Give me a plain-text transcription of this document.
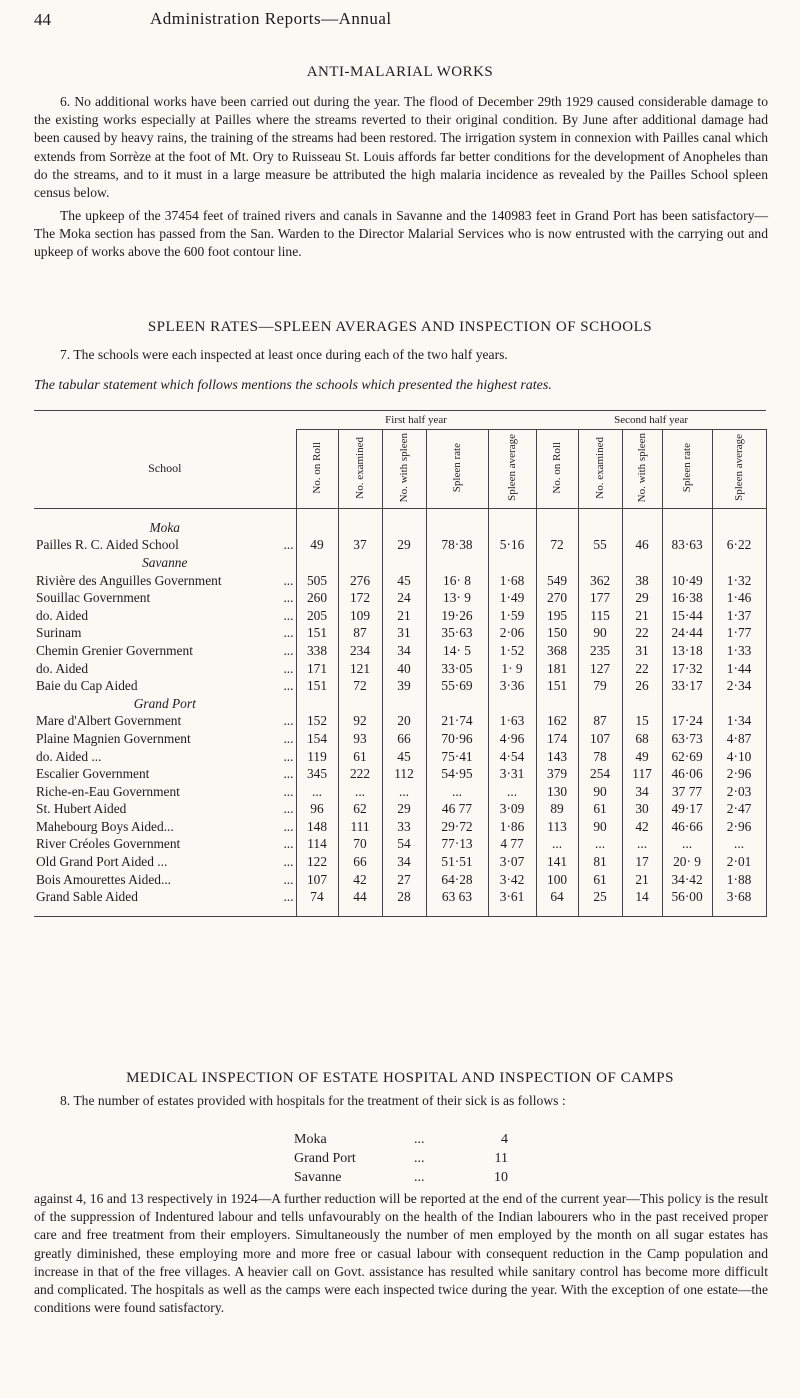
44	Administration Reports—Annual
ANTI-MALARIAL WORKS

6. No additional works have been carried out during the year. The flood of December 29th 1929 caused considerable damage to the existing works especially at Pailles where the streams reverted to their original condition. By June after additional damage had been caused by heavy rains, the training of the streams had been restored. The irrigation system in connexion with Pailles canal which extends from Sorrèze at the foot of Mt. Ory to Ruisseau St. Louis affords far better conditions for the development of Anopheles than do the streams, and to it must in a large measure be attributed the high malaria incidence as revealed by the Pailles School spleen census below.

The upkeep of the 37454 feet of trained rivers and canals in Savanne and the 140983 feet in Grand Port has been satisfactory—The Moka section has passed from the San. Warden to the Director Malarial Services who is now entrusted with the carrying out and upkeep of works above the 600 foot contour line.

SPLEEN RATES—SPLEEN AVERAGES AND INSPECTION OF SCHOOLS

7. The schools were each inspected at least once during each of the two half years.

The tabular statement which follows mentions the schools which presented the highest rates.

	First half year					Second half year				
School	No. on Roll	No. examined	No. with spleen	Spleen rate	Spleen average	No. on Roll	No. examined	No. with spleen	Spleen rate	Spleen average

Moka										
Pailles R. C. Aided School ...	49	37	29	78·38	5·16	72	55	46	83·63	6·22
Savanne										
Rivière des Anguilles Government ...	505	276	45	16· 8	1·68	549	362	38	10·49	1·32
Souillac Government ...	260	172	24	13· 9	1·49	270	177	29	16·38	1·46
do. Aided ...	205	109	21	19·26	1·59	195	115	21	15·44	1·37
Surinam ...	151	87	31	35·63	2·06	150	90	22	24·44	1·77
Chemin Grenier Government ...	338	234	34	14· 5	1·52	368	235	31	13·18	1·33
do. Aided ...	171	121	40	33·05	1· 9	181	127	22	17·32	1·44
Baie du Cap Aided ...	151	72	39	55·69	3·36	151	79	26	33·17	2·34
Grand Port										
Mare d'Albert Government ...	152	92	20	21·74	1·63	162	87	15	17·24	1·34
Plaine Magnien Government ...	154	93	66	70·96	4·96	174	107	68	63·73	4·87
do. Aided ... ...	119	61	45	75·41	4·54	143	78	49	62·69	4·10
Escalier Government ...	345	222	112	54·95	3·31	379	254	117	46·06	2·96
Riche-en-Eau Government ...	...	...	...	...	...	130	90	34	37 77	2·03
St. Hubert Aided ...	96	62	29	46 77	3·09	89	61	30	49·17	2·47
Mahebourg Boys Aided... ...	148	111	33	29·72	1·86	113	90	42	46·66	2·96
River Créoles Government ...	114	70	54	77·13	4 77	...	...	...	...	...
Old Grand Port Aided ... ...	122	66	34	51·51	3·07	141	81	17	20· 9	2·01
Bois Amourettes Aided... ...	107	42	27	64·28	3·42	100	61	21	34·42	1·88
Grand Sable Aided ...	74	44	28	63 63	3·61	64	25	14	56·00	3·68

MEDICAL INSPECTION OF ESTATE HOSPITAL AND INSPECTION OF CAMPS

8. The number of estates provided with hospitals for the treatment of their sick is as follows :

Moka	...	4
Grand Port	...	11
Savanne	...	10

against 4, 16 and 13 respectively in 1924—A further reduction will be reported at the end of the current year—This policy is the result of the suppression of Indentured labour and tells unfavourably on the health of the Indian labourers who in the past received proper care and free treatment from their employers. Simultaneously the number of men employed by the month on all sugar estates has greatly diminished, these employing more and more free or casual labour with consequent reduction in the Camp population and increase in that of the free villages. A heavier call on Govt. assistance has resulted while sanitary control has become more difficult and complicated. The hospitals as well as the camps were each inspected twice during the year. With the exception of one estate—the conditions were found satisfactory.
